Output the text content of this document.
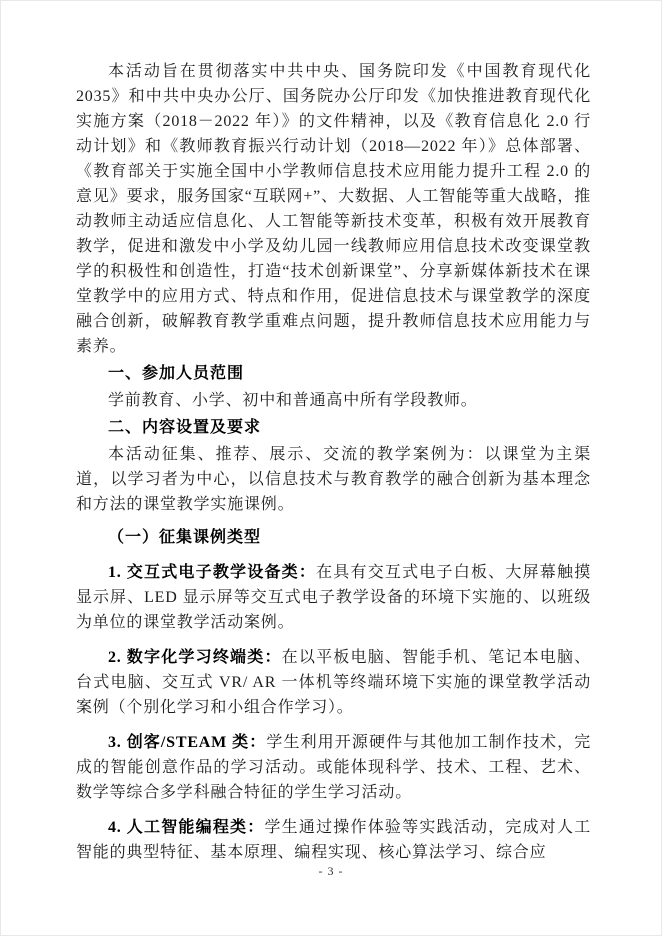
本活动旨在贯彻落实中共中央、国务院印发《中国教育现代化 2035》和中共中央办公厅、国务院办公厅印发《加快推进教育现代化实施方案（2018－2022 年）》的文件精神，以及《教育信息化 2.0 行动计划》和《教师教育振兴行动计划（2018—2022 年）》总体部署、《教育部关于实施全国中小学教师信息技术应用能力提升工程 2.0 的意见》要求，服务国家“互联网+”、大数据、人工智能等重大战略，推动教师主动适应信息化、人工智能等新技术变革，积极有效开展教育教学，促进和激发中小学及幼儿园一线教师应用信息技术改变课堂教学的积极性和创造性，打造“技术创新课堂”、分享新媒体新技术在课堂教学中的应用方式、特点和作用，促进信息技术与课堂教学的深度融合创新，破解教育教学重难点问题，提升教师信息技术应用能力与素养。

一、参加人员范围

学前教育、小学、初中和普通高中所有学段教师。

二、内容设置及要求

本活动征集、推荐、展示、交流的教学案例为：以课堂为主渠道，以学习者为中心，以信息技术与教育教学的融合创新为基本理念和方法的课堂教学实施课例。

（一）征集课例类型

1. 交互式电子教学设备类：在具有交互式电子白板、大屏幕触摸显示屏、LED 显示屏等交互式电子教学设备的环境下实施的、以班级为单位的课堂教学活动案例。

2. 数字化学习终端类：在以平板电脑、智能手机、笔记本电脑、台式电脑、交互式 VR/ AR 一体机等终端环境下实施的课堂教学活动案例（个别化学习和小组合作学习）。

3. 创客/STEAM 类：学生利用开源硬件与其他加工制作技术，完成的智能创意作品的学习活动。或能体现科学、技术、工程、艺术、数学等综合多学科融合特征的学生学习活动。

4. 人工智能编程类：学生通过操作体验等实践活动，完成对人工智能的典型特征、基本原理、编程实现、核心算法学习、综合应

- 3 -
